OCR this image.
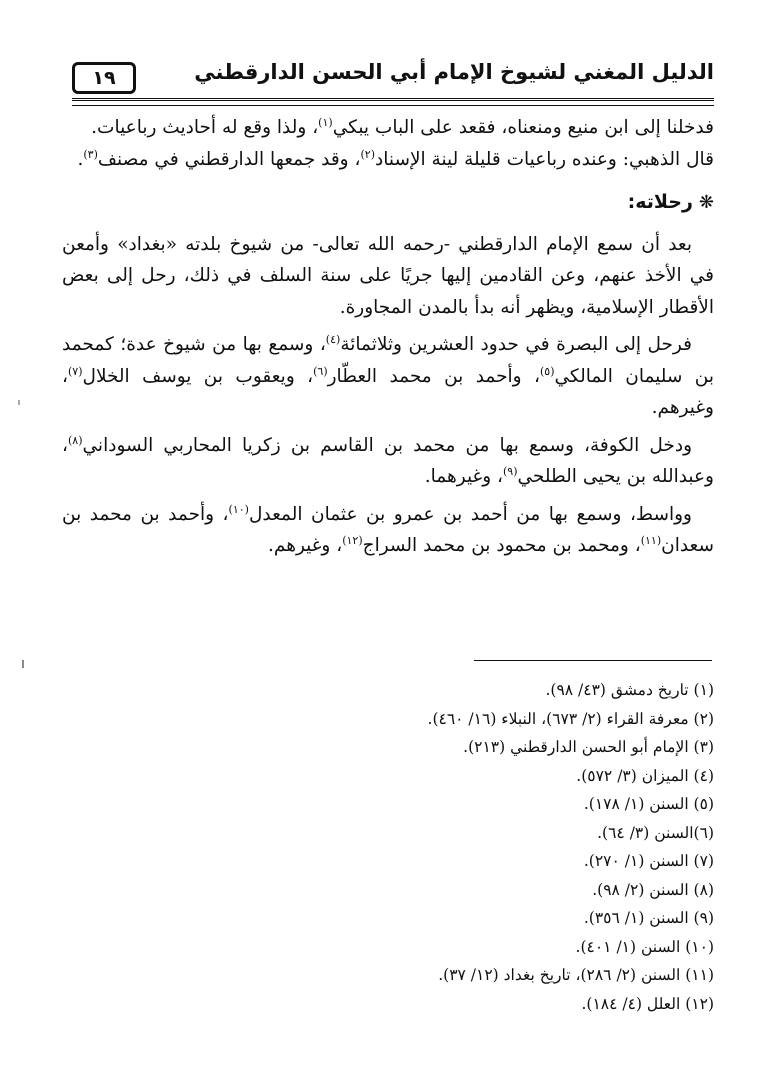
الدليل المغني لشيوخ الإمام أبي الحسن الدارقطني
١٩

فدخلنا إلى ابن منيع ومنعناه، فقعد على الباب يبكي$^{(١)}$، ولذا وقع له أحاديث رباعيات.
قال الذهبي: وعنده رباعيات قليلة لينة الإسناد$^{(٢)}$، وقد جمعها الدارقطني في مصنف$^{(٣)}$.

❋رحلاته:

بعد أن سمع الإمام الدارقطني -رحمه الله تعالى- من شيوخ بلدته «بغداد» وأمعن في الأخذ عنهم، وعن القادمين إليها جريًا على سنة السلف في ذلك، رحل إلى بعض الأقطار الإسلامية، ويظهر أنه بدأ بالمدن المجاورة.

فرحل إلى البصرة في حدود العشرين وثلاثمائة$^{(٤)}$، وسمع بها من شيوخ عدة؛ كمحمد بن سليمان المالكي$^{(٥)}$، وأحمد بن محمد العطّار$^{(٦)}$، ويعقوب بن يوسف الخلال$^{(٧)}$، وغيرهم.

ودخل الكوفة، وسمع بها من محمد بن القاسم بن زكريا المحاربي السوداني$^{(٨)}$، وعبدالله بن يحيى الطلحي$^{(٩)}$، وغيرهما.

وواسط، وسمع بها من أحمد بن عمرو بن عثمان المعدل$^{(١٠)}$، وأحمد بن محمد بن سعدان$^{(١١)}$، ومحمد بن محمود بن محمد السراج$^{(١٢)}$، وغيرهم.

(١) تاريخ دمشق (٤٣/ ٩٨).

(٢) معرفة القراء (٢/ ٦٧٣)، النبلاء (١٦/ ٤٦٠).

(٣) الإمام أبو الحسن الدارقطني (٢١٣).

(٤) الميزان (٣/ ٥٧٢).

(٥) السنن (١/ ١٧٨).

(٦)السنن (٣/ ٦٤).

(٧) السنن (١/ ٢٧٠).

(٨) السنن (٢/ ٩٨).

(٩) السنن (١/ ٣٥٦).

(١٠) السنن (١/ ٤٠١).

(١١) السنن (٢/ ٢٨٦)، تاريخ بغداد (١٢/ ٣٧).

(١٢) العلل (٤/ ١٨٤).
